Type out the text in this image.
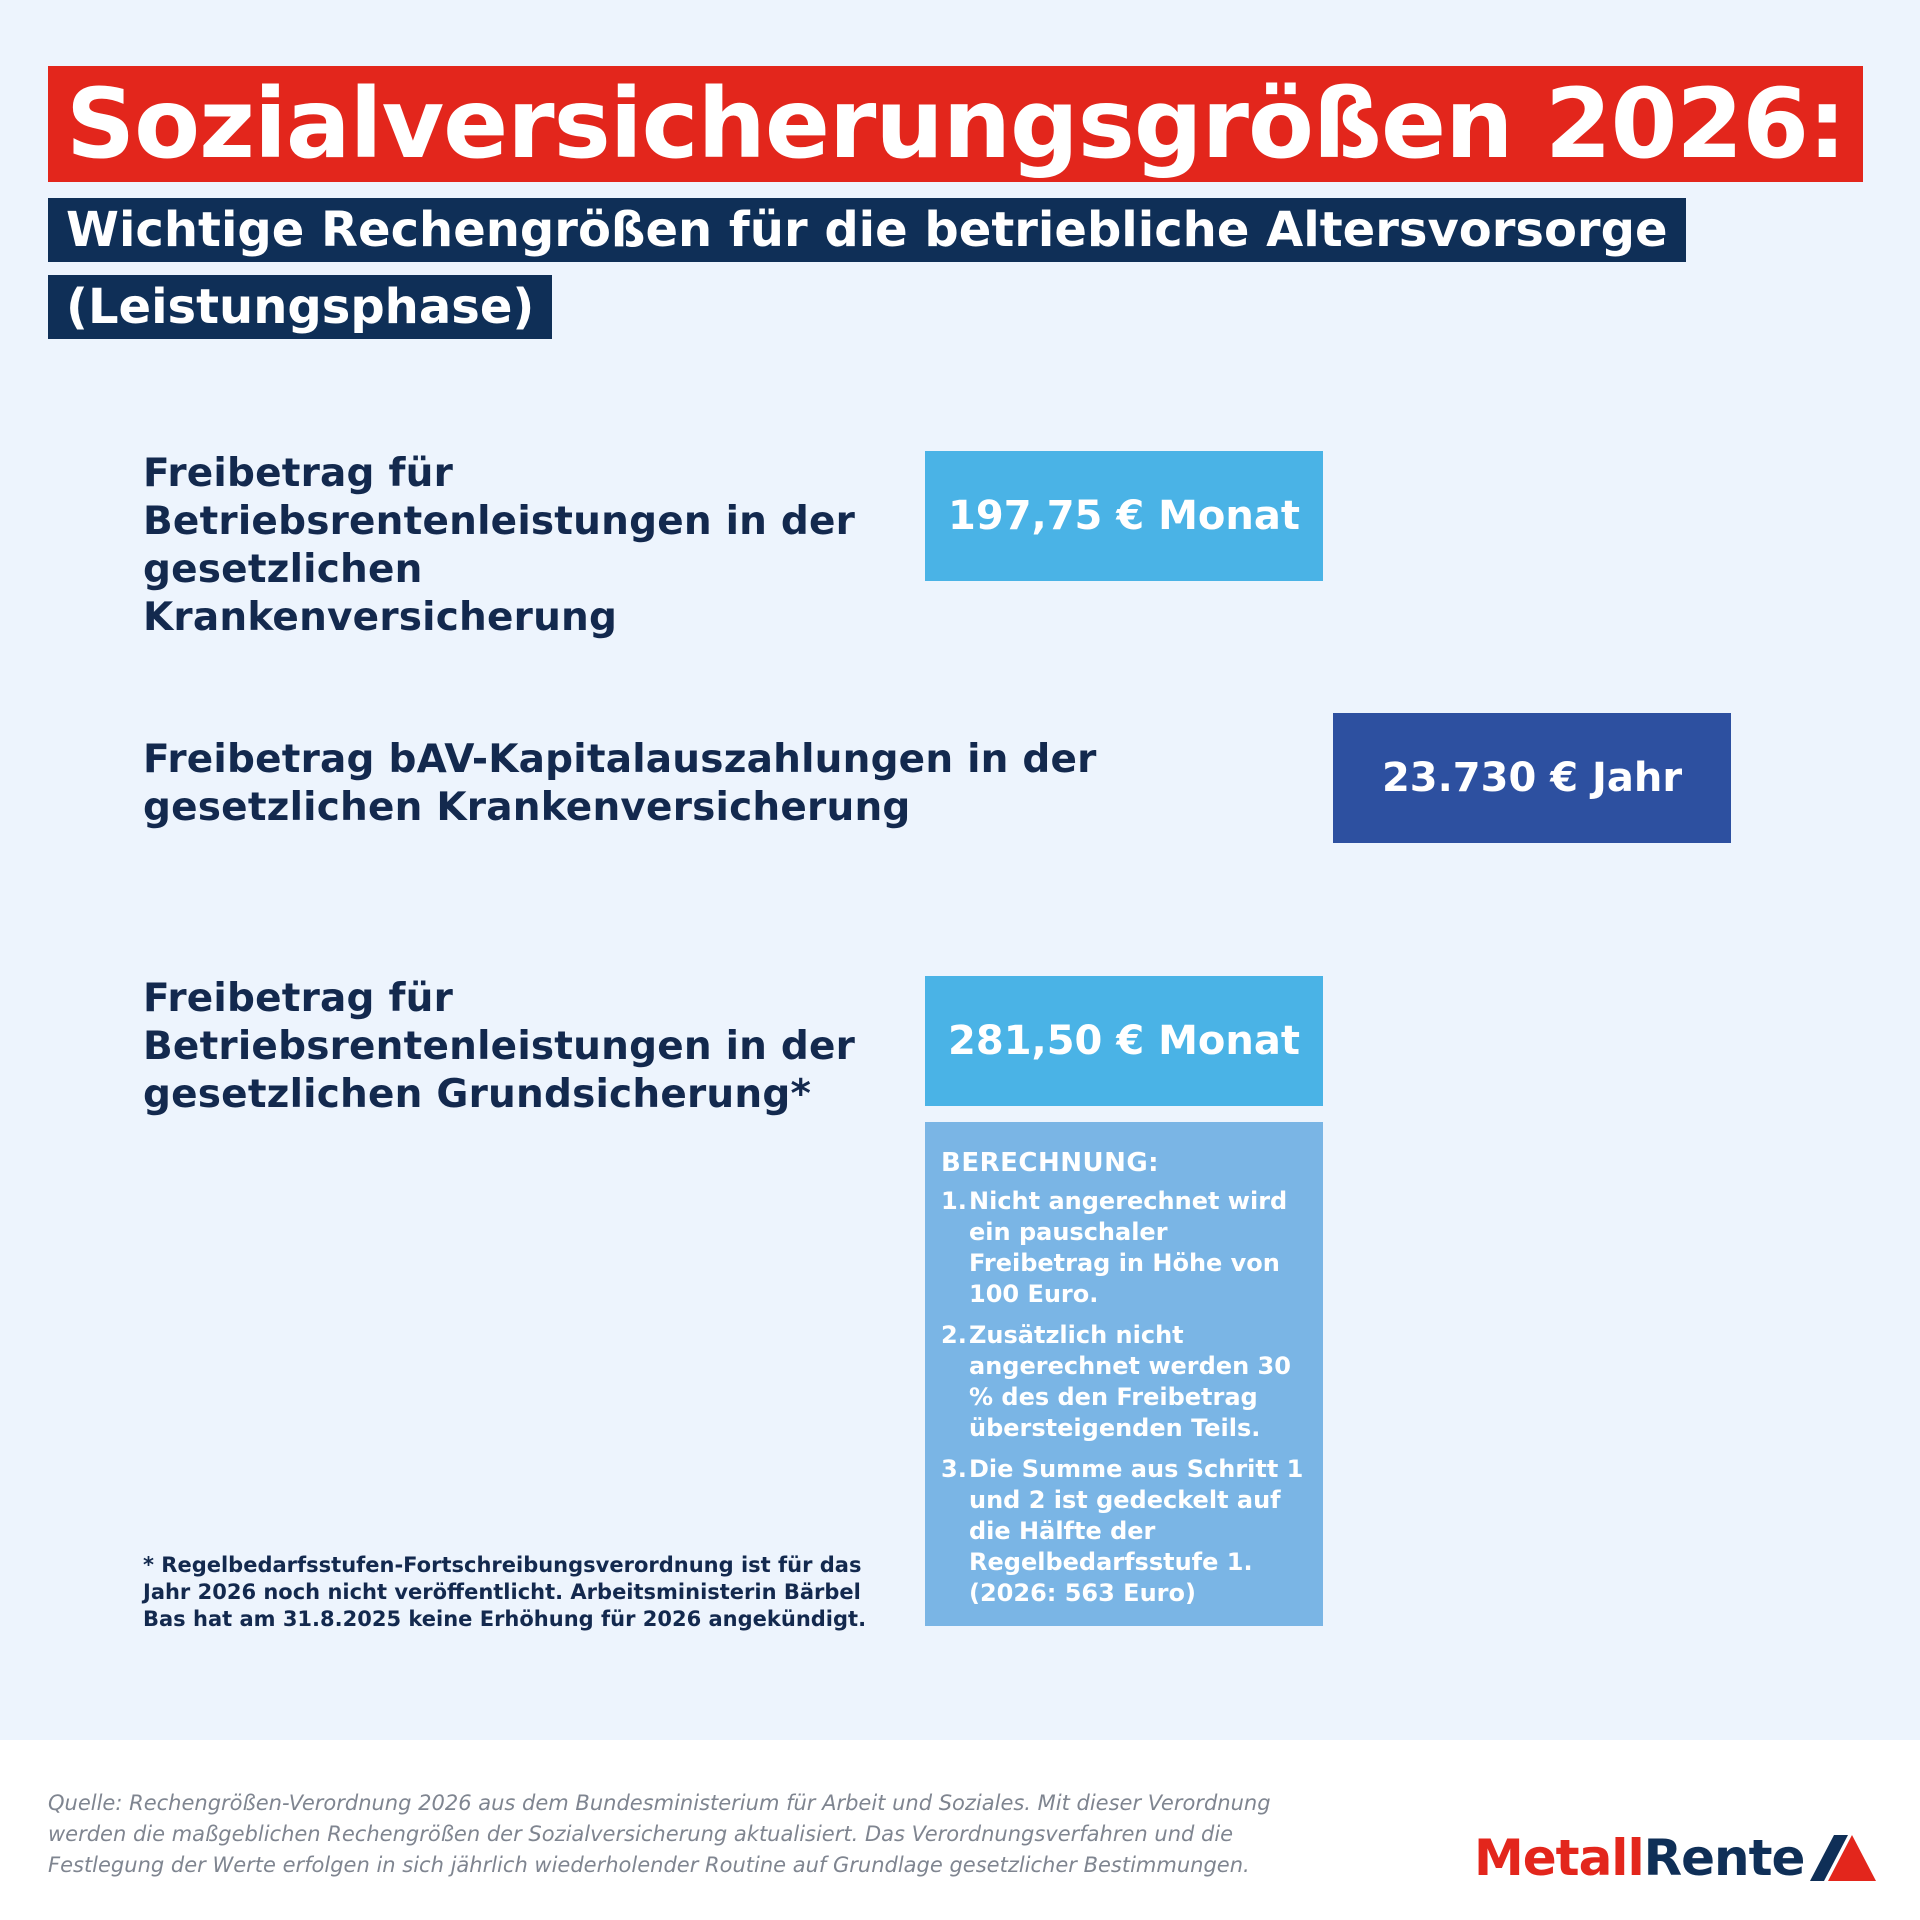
Sozialversicherungsgrößen 2026:
Wichtige Rechengrößen für die betriebliche Altersvorsorge
(Leistungsphase)
Freibetrag für Betriebsrentenleistungen in der gesetzlichen Krankenversicherung
197,75 € Monat
Freibetrag bAV-Kapitalauszahlungen in der gesetzlichen Krankenversicherung
23.730 € Jahr
Freibetrag für Betriebsrentenleistungen in der gesetzlichen Grundsicherung*
281,50 € Monat
BERECHNUNG:
1. Nicht angerechnet wird ein pauschaler Freibetrag in Höhe von 100 Euro.
2. Zusätzlich nicht angerechnet werden 30 % des den Freibetrag übersteigenden Teils.
3. Die Summe aus Schritt 1 und 2 ist gedeckelt auf die Hälfte der Regelbedarfsstufe 1. (2026: 563 Euro)
* Regelbedarfsstufen-Fortschreibungsverordnung ist für das Jahr 2026 noch nicht veröffentlicht. Arbeitsministerin Bärbel Bas hat am 31.8.2025 keine Erhöhung für 2026 angekündigt.
Quelle: Rechengrößen-Verordnung 2026 aus dem Bundesministerium für Arbeit und Soziales. Mit dieser Verordnung werden die maßgeblichen Rechengrößen der Sozialversicherung aktualisiert. Das Verordnungsverfahren und die Festlegung der Werte erfolgen in sich jährlich wiederholender Routine auf Grundlage gesetzlicher Bestimmungen.	Metall Rente
